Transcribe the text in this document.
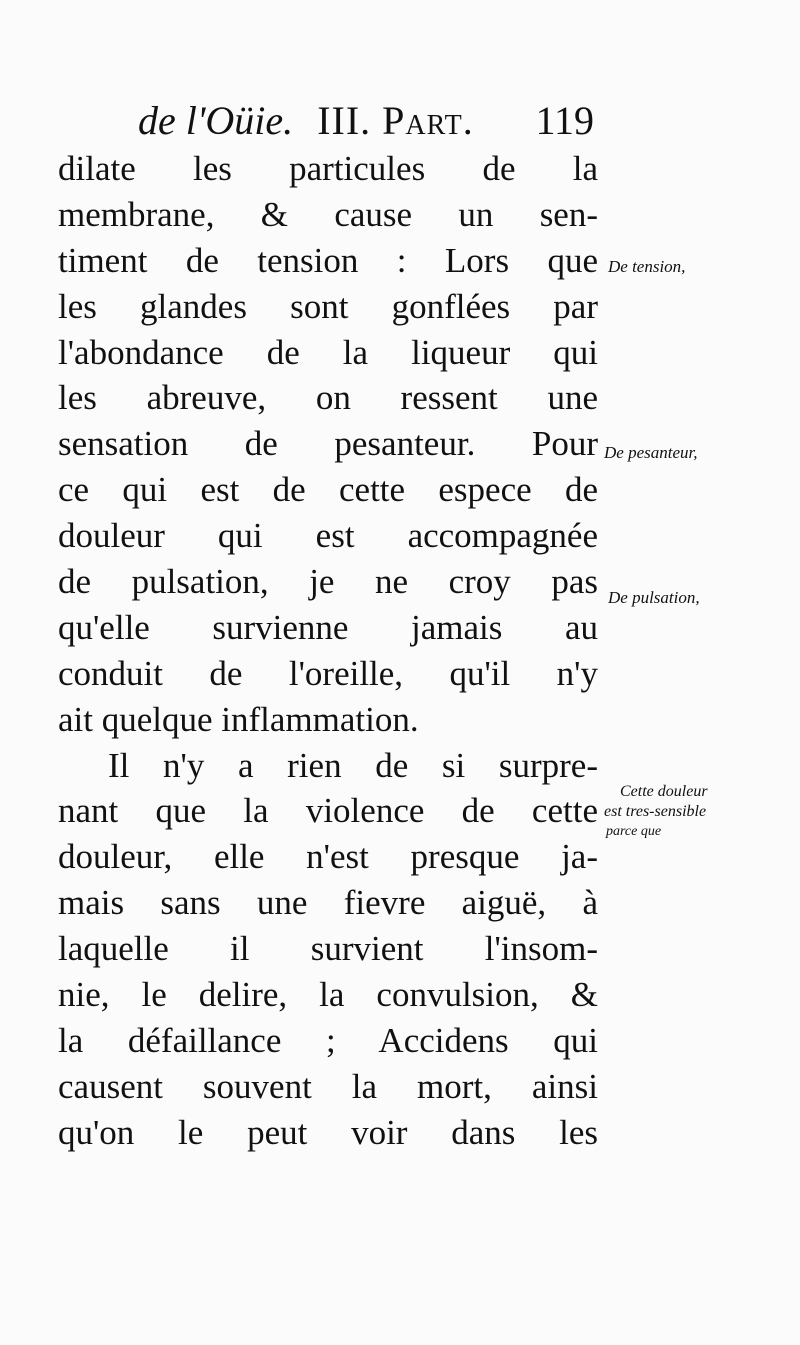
de l'Oüie. III. Part. 119
dilate les particules de la
membrane, & cause un sen-
timent de tension : Lors que
les glandes sont gonflées par
l'abondance de la liqueur qui
les abreuve, on ressent une
sensation de pesanteur. Pour
ce qui est de cette espece de
douleur qui est accompagnée
de pulsation, je ne croy pas
qu'elle survienne jamais au
conduit de l'oreille, qu'il n'y
ait quelque inflammation.
Il n'y a rien de si surpre-
nant que la violence de cette
douleur, elle n'est presque ja-
mais sans une fievre aiguë, à
laquelle il survient l'insom-
nie, le delire, la convulsion, &
la défaillance ; Accidens qui
causent souvent la mort, ainsi
qu'on le peut voir dans les
De tension,
De pesanteur,
De pulsation,
Cette douleur
est tres-sensible
parce que
